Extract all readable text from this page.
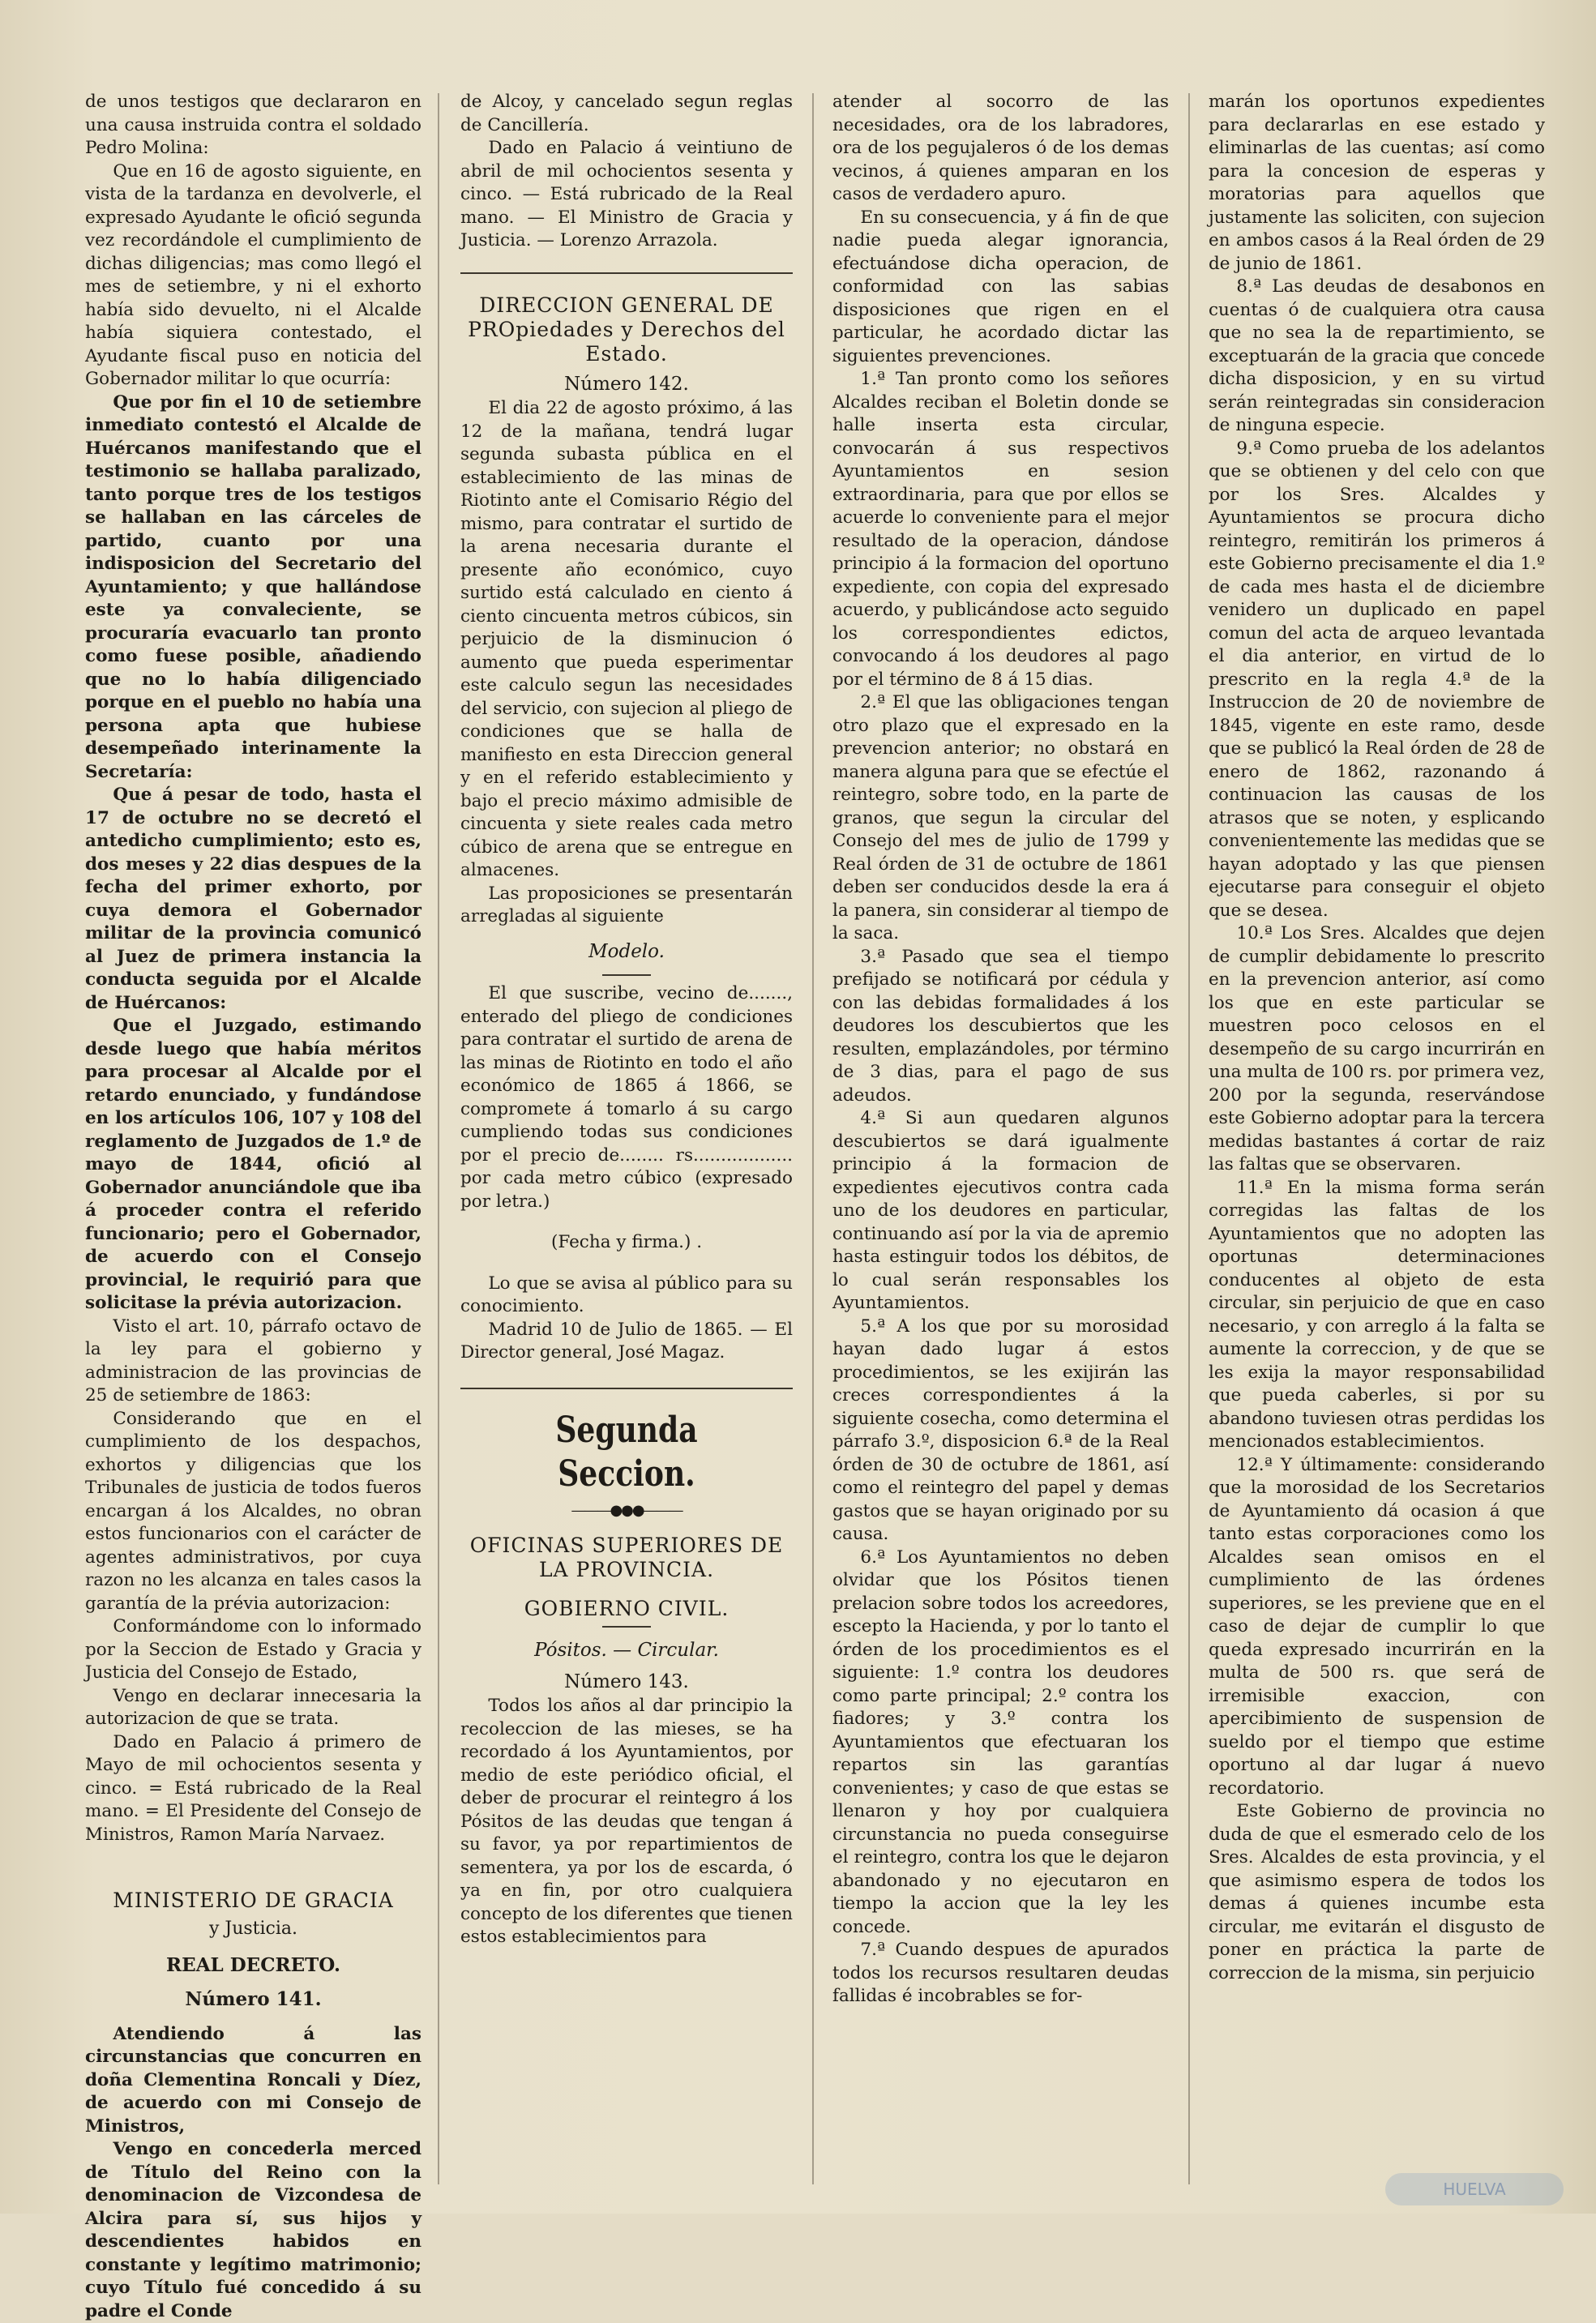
de unos testigos que declararon en una causa instruida contra el soldado Pedro Molina:

Que en 16 de agosto siguiente, en vista de la tardanza en devolverle, el expresado Ayudante le ofició segunda vez recordándole el cumplimiento de dichas diligencias; mas como llegó el mes de setiembre, y ni el exhorto había sido devuelto, ni el Alcalde había siquiera contestado, el Ayudante fiscal puso en noticia del Gobernador militar lo que ocurría:

Que por fin el 10 de setiembre inmediato contestó el Alcalde de Huércanos manifestando que el testimonio se hallaba paralizado, tanto porque tres de los testigos se hallaban en las cárceles de partido, cuanto por una indisposicion del Secretario del Ayuntamiento; y que hallándose este ya convaleciente, se procuraría evacuarlo tan pronto como fuese posible, añadiendo que no lo había diligenciado porque en el pueblo no había una persona apta que hubiese desempeñado interinamente la Secretaría:

Que á pesar de todo, hasta el 17 de octubre no se decretó el antedicho cumplimiento; esto es, dos meses y 22 dias despues de la fecha del primer exhorto, por cuya demora el Gobernador militar de la provincia comunicó al Juez de primera instancia la conducta seguida por el Alcalde de Huércanos:

Que el Juzgado, estimando desde luego que había méritos para procesar al Alcalde por el retardo enunciado, y fundándose en los artículos 106, 107 y 108 del reglamento de Juzgados de 1.º de mayo de 1844, ofició al Gobernador anunciándole que iba á proceder contra el referido funcionario; pero el Gobernador, de acuerdo con el Consejo provincial, le requirió para que solicitase la prévia autorizacion.

Visto el art. 10, párrafo octavo de la ley para el gobierno y administracion de las provincias de 25 de setiembre de 1863:

Considerando que en el cumplimiento de los despachos, exhortos y diligencias que los Tribunales de justicia de todos fueros encargan á los Alcaldes, no obran estos funcionarios con el carácter de agentes administrativos, por cuya razon no les alcanza en tales casos la garantía de la prévia autorizacion:

Conformándome con lo informado por la Seccion de Estado y Gracia y Justicia del Consejo de Estado,

Vengo en declarar innecesaria la autorizacion de que se trata.

Dado en Palacio á primero de Mayo de mil ochocientos sesenta y cinco. = Está rubricado de la Real mano. = El Presidente del Consejo de Ministros, Ramon María Narvaez.

MINISTERIO DE GRACIA
y Justicia.
REAL DECRETO.
Número 141.

Atendiendo á las circunstancias que concurren en doña Clementina Roncali y Díez, de acuerdo con mi Consejo de Ministros,

Vengo en concederla merced de Título del Reino con la denominacion de Vizcondesa de Alcira para sí, sus hijos y descendientes habidos en constante y legítimo matrimonio; cuyo Título fué concedido á su padre el Conde

de Alcoy, y cancelado segun reglas de Cancillería.

Dado en Palacio á veintiuno de abril de mil ochocientos sesenta y cinco. — Está rubricado de la Real mano. — El Ministro de Gracia y Justicia. — Lorenzo Arrazola.

DIRECCION GENERAL DE PROpiedades y Derechos del Estado.
Número 142.

El dia 22 de agosto próximo, á las 12 de la mañana, tendrá lugar segunda subasta pública en el establecimiento de las minas de Riotinto ante el Comisario Régio del mismo, para contratar el surtido de la arena necesaria durante el presente año económico, cuyo surtido está calculado en ciento á ciento cincuenta metros cúbicos, sin perjuicio de la disminucion ó aumento que pueda esperimentar este calculo segun las necesidades del servicio, con sujecion al pliego de condiciones que se halla de manifiesto en esta Direccion general y en el referido establecimiento y bajo el precio máximo admisible de cincuenta y siete reales cada metro cúbico de arena que se entregue en almacenes.

Las proposiciones se presentarán arregladas al siguiente

Modelo.

El que suscribe, vecino de......., enterado del pliego de condiciones para contratar el surtido de arena de las minas de Riotinto en todo el año económico de 1865 á 1866, se compromete á tomarlo á su cargo cumpliendo todas sus condiciones por el precio de........ rs.................. por cada metro cúbico (expresado por letra.)

(Fecha y firma.) .

Lo que se avisa al público para su conocimiento.

Madrid 10 de Julio de 1865. — El Director general, José Magaz.

Segunda Seccion.
———●●●———
OFICINAS SUPERIORES DE LA PROVINCIA.
GOBIERNO CIVIL.
Pósitos. — Circular.
Número 143.

Todos los años al dar principio la recoleccion de las mieses, se ha recordado á los Ayuntamientos, por medio de este periódico oficial, el deber de procurar el reintegro á los Pósitos de las deudas que tengan á su favor, ya por repartimientos de sementera, ya por los de escarda, ó ya en fin, por otro cualquiera concepto de los diferentes que tienen estos establecimientos para

atender al socorro de las necesidades, ora de los labradores, ora de los pegujaleros ó de los demas vecinos, á quienes amparan en los casos de verdadero apuro.

En su consecuencia, y á fin de que nadie pueda alegar ignorancia, efectuándose dicha operacion, de conformidad con las sabias disposiciones que rigen en el particular, he acordado dictar las siguientes prevenciones.

1.ª Tan pronto como los señores Alcaldes reciban el Boletin donde se halle inserta esta circular, convocarán á sus respectivos Ayuntamientos en sesion extraordinaria, para que por ellos se acuerde lo conveniente para el mejor resultado de la operacion, dándose principio á la formacion del oportuno expediente, con copia del expresado acuerdo, y publicándose acto seguido los correspondientes edictos, convocando á los deudores al pago por el término de 8 á 15 dias.

2.ª El que las obligaciones tengan otro plazo que el expresado en la prevencion anterior; no obstará en manera alguna para que se efectúe el reintegro, sobre todo, en la parte de granos, que segun la circular del Consejo del mes de julio de 1799 y Real órden de 31 de octubre de 1861 deben ser conducidos desde la era á la panera, sin considerar al tiempo de la saca.

3.ª Pasado que sea el tiempo prefijado se notificará por cédula y con las debidas formalidades á los deudores los descubiertos que les resulten, emplazándoles, por término de 3 dias, para el pago de sus adeudos.

4.ª Si aun quedaren algunos descubiertos se dará igualmente principio á la formacion de expedientes ejecutivos contra cada uno de los deudores en particular, continuando así por la via de apremio hasta estinguir todos los débitos, de lo cual serán responsables los Ayuntamientos.

5.ª A los que por su morosidad hayan dado lugar á estos procedimientos, se les exijirán las creces correspondientes á la siguiente cosecha, como determina el párrafo 3.º, disposicion 6.ª de la Real órden de 30 de octubre de 1861, así como el reintegro del papel y demas gastos que se hayan originado por su causa.

6.ª Los Ayuntamientos no deben olvidar que los Pósitos tienen prelacion sobre todos los acreedores, escepto la Hacienda, y por lo tanto el órden de los procedimientos es el siguiente: 1.º contra los deudores como parte principal; 2.º contra los fiadores; y 3.º contra los Ayuntamientos que efectuaran los repartos sin las garantías convenientes; y caso de que estas se llenaron y hoy por cualquiera circunstancia no pueda conseguirse el reintegro, contra los que le dejaron abandonado y no ejecutaron en tiempo la accion que la ley les concede.

7.ª Cuando despues de apurados todos los recursos resultaren deudas fallidas é incobrables se for-

marán los oportunos expedientes para declararlas en ese estado y eliminarlas de las cuentas; así como para la concesion de esperas y moratorias para aquellos que justamente las soliciten, con sujecion en ambos casos á la Real órden de 29 de junio de 1861.

8.ª Las deudas de desabonos en cuentas ó de cualquiera otra causa que no sea la de repartimiento, se exceptuarán de la gracia que concede dicha disposicion, y en su virtud serán reintegradas sin consideracion de ninguna especie.

9.ª Como prueba de los adelantos que se obtienen y del celo con que por los Sres. Alcaldes y Ayuntamientos se procura dicho reintegro, remitirán los primeros á este Gobierno precisamente el dia 1.º de cada mes hasta el de diciembre venidero un duplicado en papel comun del acta de arqueo levantada el dia anterior, en virtud de lo prescrito en la regla 4.ª de la Instruccion de 20 de noviembre de 1845, vigente en este ramo, desde que se publicó la Real órden de 28 de enero de 1862, razonando á continuacion las causas de los atrasos que se noten, y esplicando convenientemente las medidas que se hayan adoptado y las que piensen ejecutarse para conseguir el objeto que se desea.

10.ª Los Sres. Alcaldes que dejen de cumplir debidamente lo prescrito en la prevencion anterior, así como los que en este particular se muestren poco celosos en el desempeño de su cargo incurrirán en una multa de 100 rs. por primera vez, 200 por la segunda, reservándose este Gobierno adoptar para la tercera medidas bastantes á cortar de raiz las faltas que se observaren.

11.ª En la misma forma serán corregidas las faltas de los Ayuntamientos que no adopten las oportunas determinaciones conducentes al objeto de esta circular, sin perjuicio de que en caso necesario, y con arreglo á la falta se aumente la correccion, y de que se les exija la mayor responsabilidad que pueda caberles, si por su abandono tuviesen otras perdidas los mencionados establecimientos.

12.ª Y últimamente: considerando que la morosidad de los Secretarios de Ayuntamiento dá ocasion á que tanto estas corporaciones como los Alcaldes sean omisos en el cumplimiento de las órdenes superiores, se les previene que en el caso de dejar de cumplir lo que queda expresado incurrirán en la multa de 500 rs. que será de irremisible exaccion, con apercibimiento de suspension de sueldo por el tiempo que estime oportuno al dar lugar á nuevo recordatorio.

Este Gobierno de provincia no duda de que el esmerado celo de los Sres. Alcaldes de esta provincia, y el que asimismo espera de todos los demas á quienes incumbe esta circular, me evitarán el disgusto de poner en práctica la parte de correccion de la misma, sin perjuicio

HUELVA
